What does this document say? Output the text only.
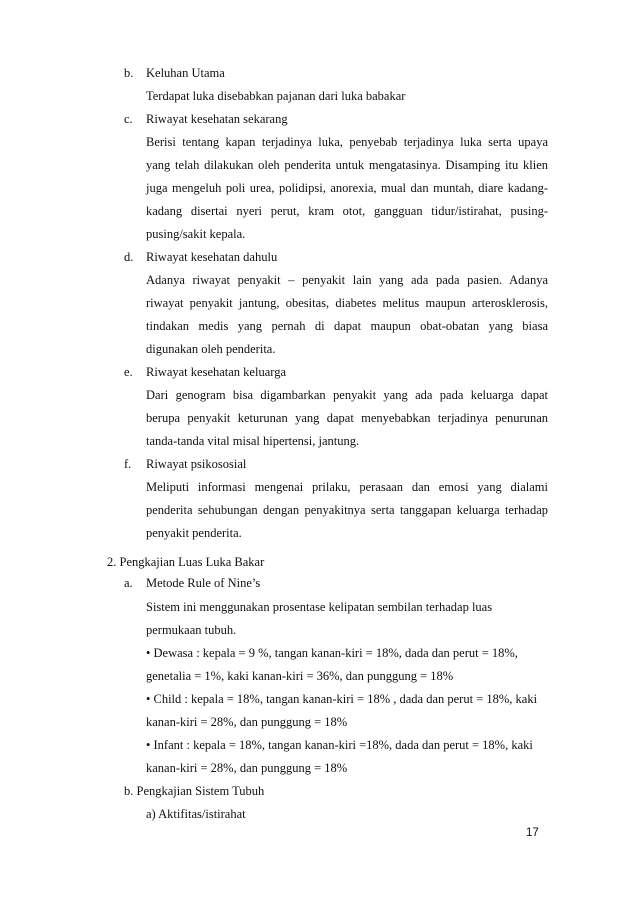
b. Keluhan Utama
Terdapat luka disebabkan pajanan dari luka babakar
c. Riwayat kesehatan sekarang
Berisi tentang kapan terjadinya luka, penyebab terjadinya luka serta upaya
yang telah dilakukan oleh penderita untuk mengatasinya. Disamping itu klien
juga mengeluh poli urea, polidipsi, anorexia, mual dan muntah, diare kadang-
kadang disertai nyeri perut, kram otot, gangguan tidur/istirahat, pusing-
pusing/sakit kepala.
d. Riwayat kesehatan dahulu
Adanya riwayat penyakit – penyakit lain yang ada pada pasien. Adanya
riwayat penyakit jantung, obesitas, diabetes melitus maupun arterosklerosis,
tindakan medis yang pernah di dapat maupun obat-obatan yang biasa
digunakan oleh penderita.
e. Riwayat kesehatan keluarga
Dari genogram bisa digambarkan penyakit yang ada pada keluarga dapat
berupa penyakit keturunan yang dapat menyebabkan terjadinya penurunan
tanda-tanda vital misal hipertensi, jantung.
f. Riwayat psikososial
Meliputi informasi mengenai prilaku, perasaan dan emosi yang dialami
penderita sehubungan dengan penyakitnya serta tanggapan keluarga terhadap
penyakit penderita.
2. Pengkajian Luas Luka Bakar
a. Metode Rule of Nine’s
Sistem ini menggunakan prosentase kelipatan sembilan terhadap luas
permukaan tubuh.
• Dewasa : kepala = 9 %, tangan kanan-kiri = 18%, dada dan perut = 18%,
genetalia = 1%, kaki kanan-kiri = 36%, dan punggung = 18%
• Child : kepala = 18%, tangan kanan-kiri = 18% , dada dan perut = 18%, kaki
kanan-kiri = 28%, dan punggung = 18%
• Infant : kepala = 18%, tangan kanan-kiri =18%, dada dan perut = 18%, kaki
kanan-kiri = 28%, dan punggung = 18%
b. Pengkajian Sistem Tubuh
a) Aktifitas/istirahat
17
